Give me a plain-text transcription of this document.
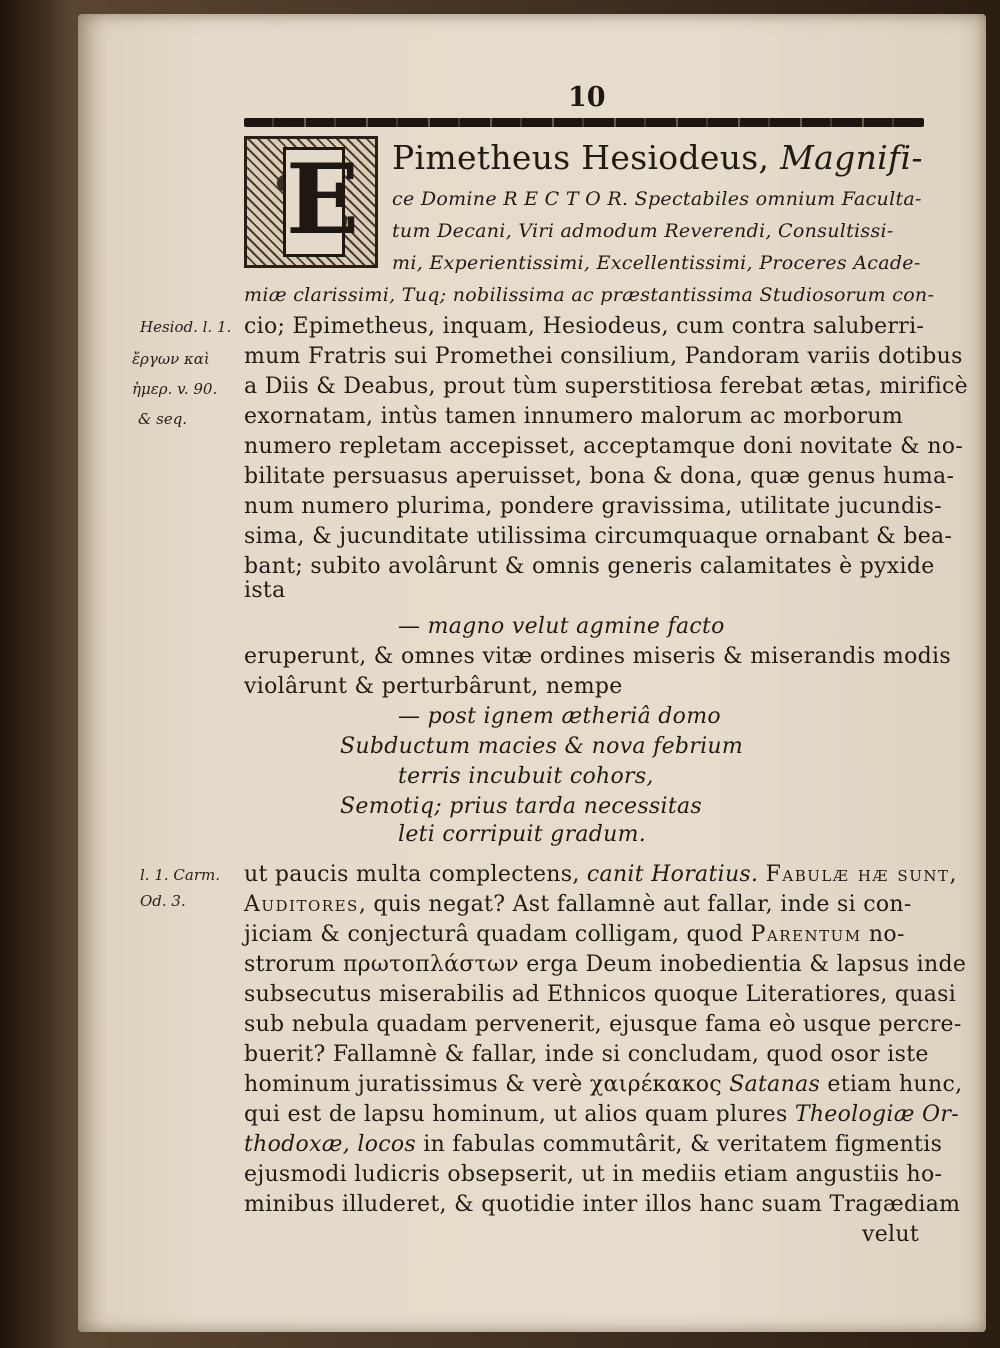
10
E Pimetheus Hesiodeus, Magnifi-
ce Domine R E C T O R. Spectabiles omnium Faculta-
tum Decani, Viri admodum Reverendi, Consultissi-
mi, Experientissimi, Excellentissimi, Proceres Acade-
miæ clarissimi, Tuq; nobilissima ac præstantissima Studiosorum con-
cio; Epimetheus, inquam, Hesiodeus, cum contra saluberri-
mum Fratris sui Promethei consilium, Pandoram variis dotibus
a Diis & Deabus, prout tùm superstitiosa ferebat ætas, mirificè
exornatam, intùs tamen innumero malorum ac morborum
numero repletam accepisset, acceptamque doni novitate & no-
bilitate persuasus aperuisset, bona & dona, quæ genus huma-
num numero plurima, pondere gravissima, utilitate jucundis-
sima, & jucunditate utilissima circumquaque ornabant & bea-
bant; subito avolârunt & omnis generis calamitates è pyxide
ista
— magno velut agmine facto
eruperunt, & omnes vitæ ordines miseris & miserandis modis
violârunt & perturbârunt, nempe
— post ignem ætheriâ domo
Subductum macies & nova febrium
terris incubuit cohors,
Semotiq; prius tarda necessitas
leti corripuit gradum.
ut paucis multa complectens, canit Horatius. Fabulæ hæ sunt,
Auditores, quis negat? Ast fallamnè aut fallar, inde si con-
jiciam & conjecturâ quadam colligam, quod Parentum no-
strorum πρωτοπλάστων erga Deum inobedientia & lapsus inde
subsecutus miserabilis ad Ethnicos quoque Literatiores, quasi
sub nebula quadam pervenerit, ejusque fama eò usque percre-
buerit? Fallamnè & fallar, inde si concludam, quod osor iste
hominum juratissimus & verè χαιρέκακος Satanas etiam hunc,
qui est de lapsu hominum, ut alios quam plures Theologiæ Or-
thodoxæ, locos in fabulas commutârit, & veritatem figmentis
ejusmodi ludicris obsepserit, ut in mediis etiam angustiis ho-
minibus illuderet, & quotidie inter illos hanc suam Tragædiam
velut
Hesiod. l. 1.
ἔργων καὶ
ἡμερ. v. 90.
& seq.
l. 1. Carm.
Od. 3.
